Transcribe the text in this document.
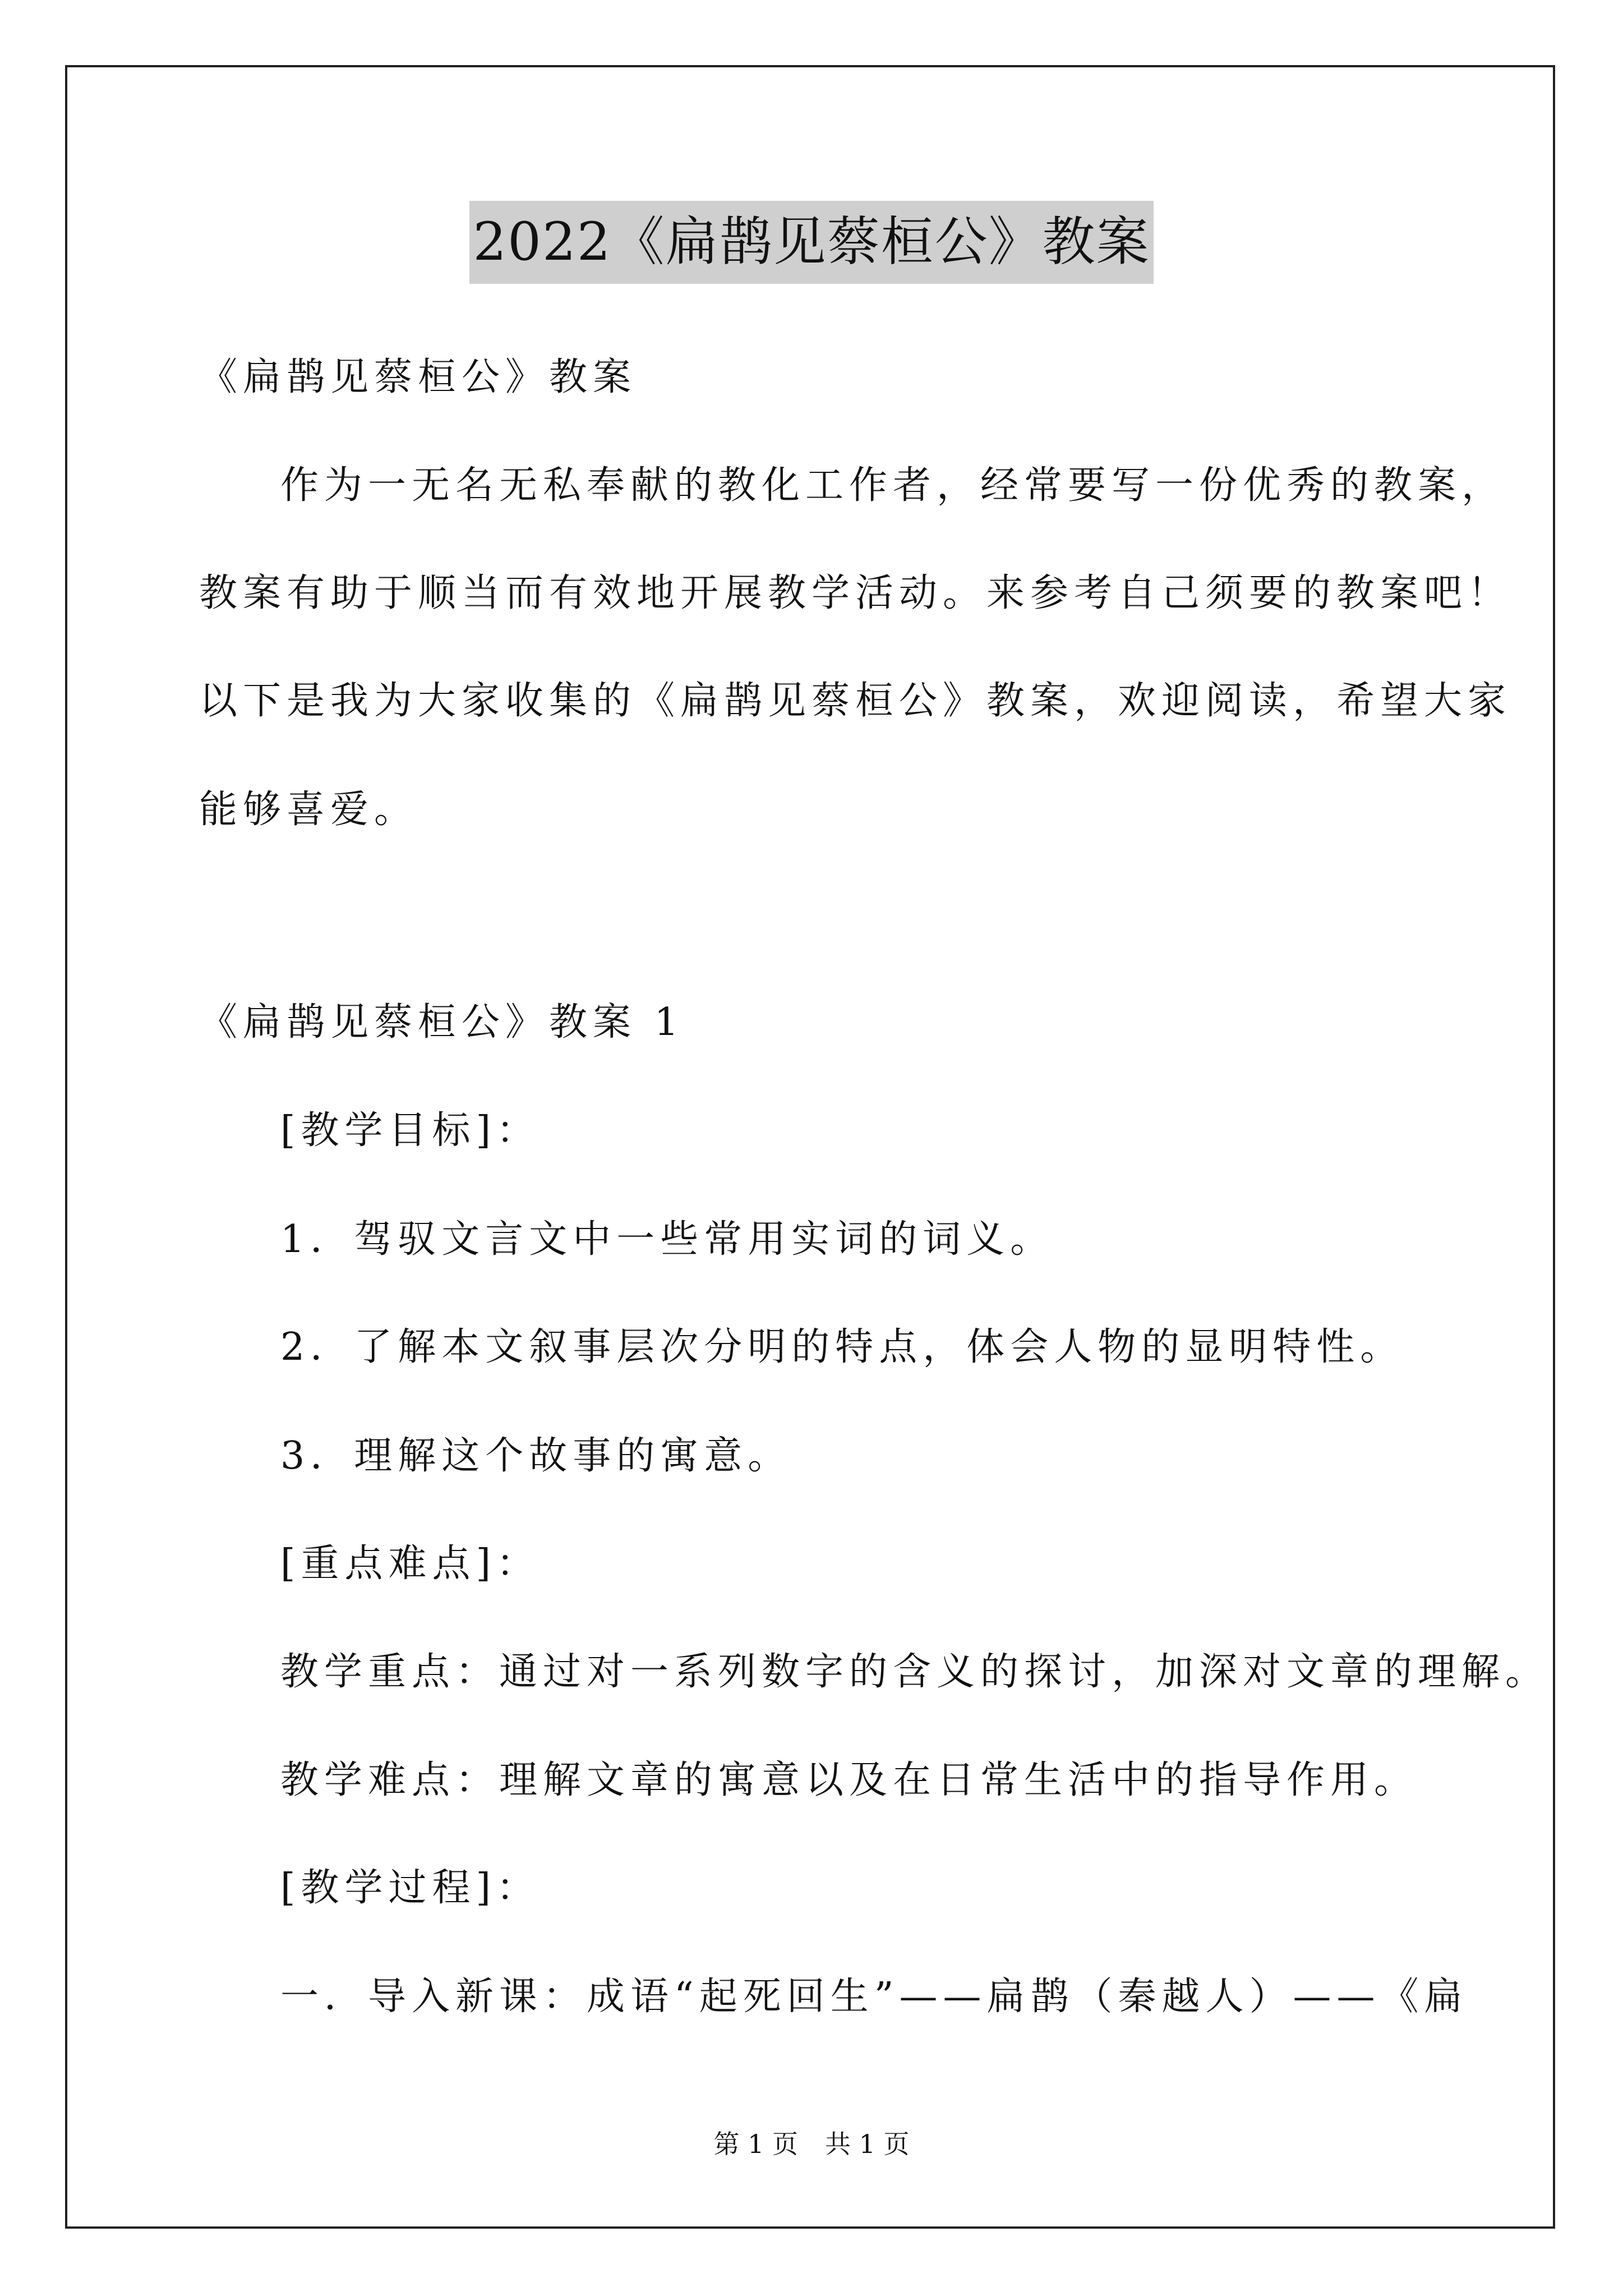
2022《扁鹊见蔡桓公》教案
《扁鹊见蔡桓公》教案
作为一无名无私奉献的教化工作者，经常要写一份优秀的教案，
教案有助于顺当而有效地开展教学活动。来参考自己须要的教案吧！
以下是我为大家收集的《扁鹊见蔡桓公》教案，欢迎阅读，希望大家
能够喜爱。
《扁鹊见蔡桓公》教案 1
[教学目标]：
1．驾驭文言文中一些常用实词的词义。
2．了解本文叙事层次分明的特点，体会人物的显明特性。
3．理解这个故事的寓意。
[重点难点]：
教学重点：通过对一系列数字的含义的探讨，加深对文章的理解。
教学难点：理解文章的寓意以及在日常生活中的指导作用。
[教学过程]：
一．导入新课：成语“起死回生”——扁鹊（秦越人）——《扁
第 1 页 共 1 页
